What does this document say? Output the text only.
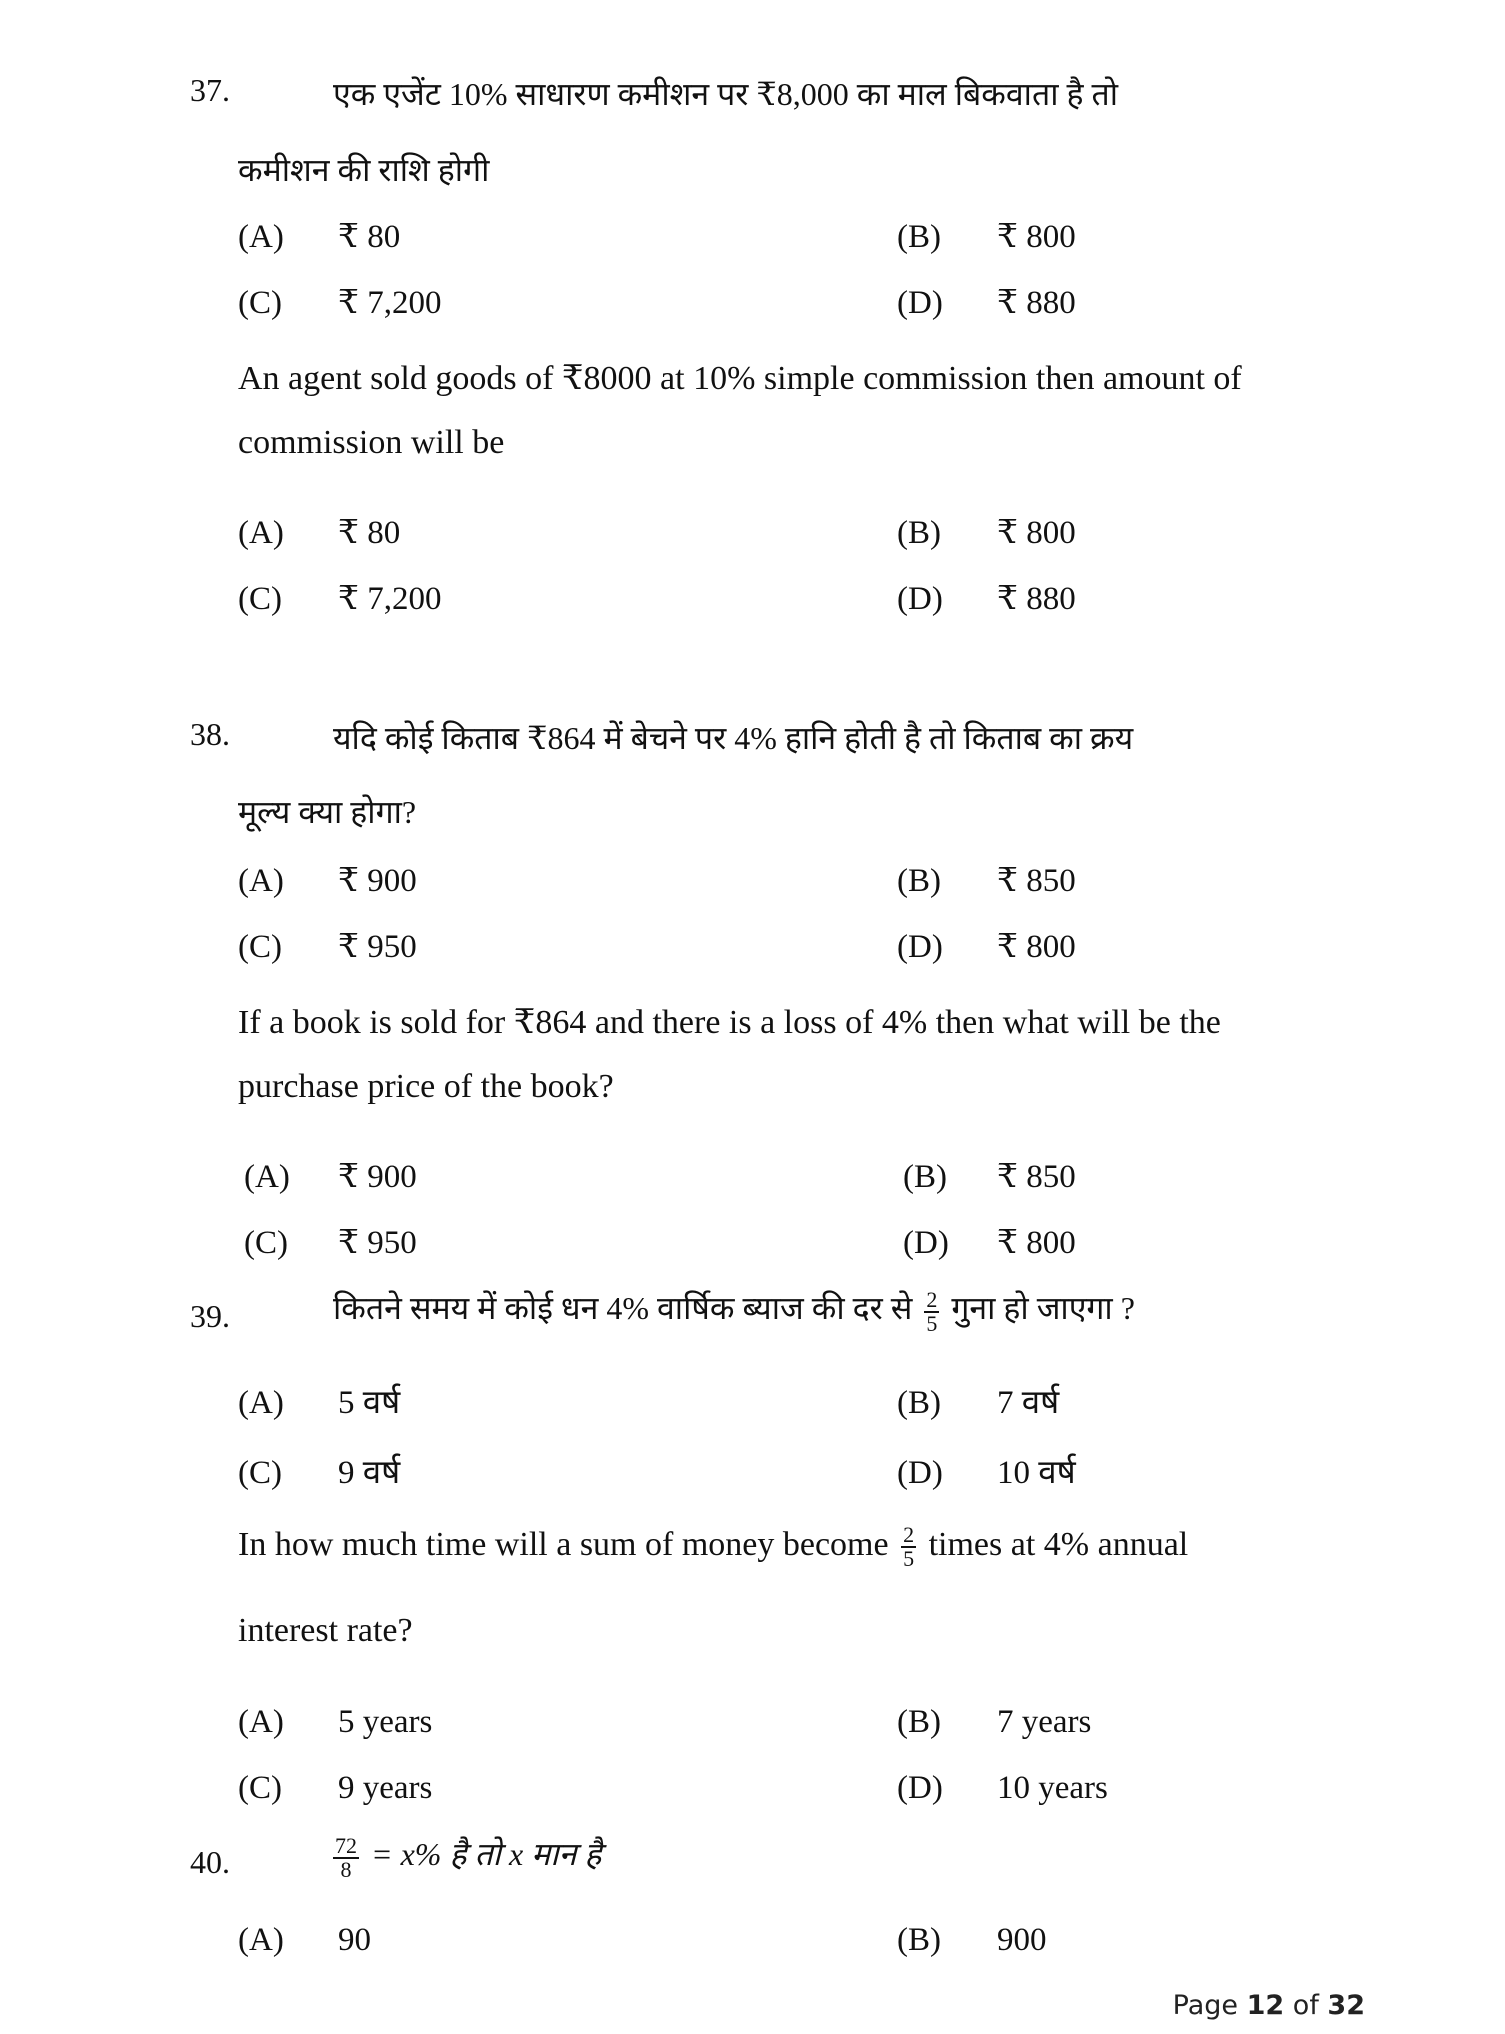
37.	एक एजेंट 10% साधारण कमीशन पर ₹8,000 का माल बिकवाता है तो
कमीशन की राशि होगी
(A) ₹ 80	(B) ₹ 800
(C) ₹ 7,200	(D) ₹ 880
An agent sold goods of ₹8000 at 10% simple commission then amount of
commission will be
(A) ₹ 80	(B) ₹ 800
(C) ₹ 7,200	(D) ₹ 880
38.	यदि कोई किताब ₹864 में बेचने पर 4% हानि होती है तो किताब का क्रय
मूल्य क्या होगा?
(A) ₹ 900	(B) ₹ 850
(C) ₹ 950	(D) ₹ 800
If a book is sold for ₹864 and there is a loss of 4% then what will be the
purchase price of the book?
(A) ₹ 900	(B) ₹ 850
(C) ₹ 950	(D) ₹ 800
39.	कितने समय में कोई धन 4% वार्षिक ब्याज की दर से $\frac{2}{5}$ गुना हो जाएगा ?
(A) 5 वर्ष	(B) 7 वर्ष
(C) 9 वर्ष	(D) 10 वर्ष
In how much time will a sum of money become $\frac{2}{5}$ times at 4% annual
interest rate?
(A) 5 years	(B) 7 years
(C) 9 years	(D) 10 years
40.	$\frac{72}{8} = x\%$ है तो x मान है
(A) 90	(B) 900
Page 12 of 32
